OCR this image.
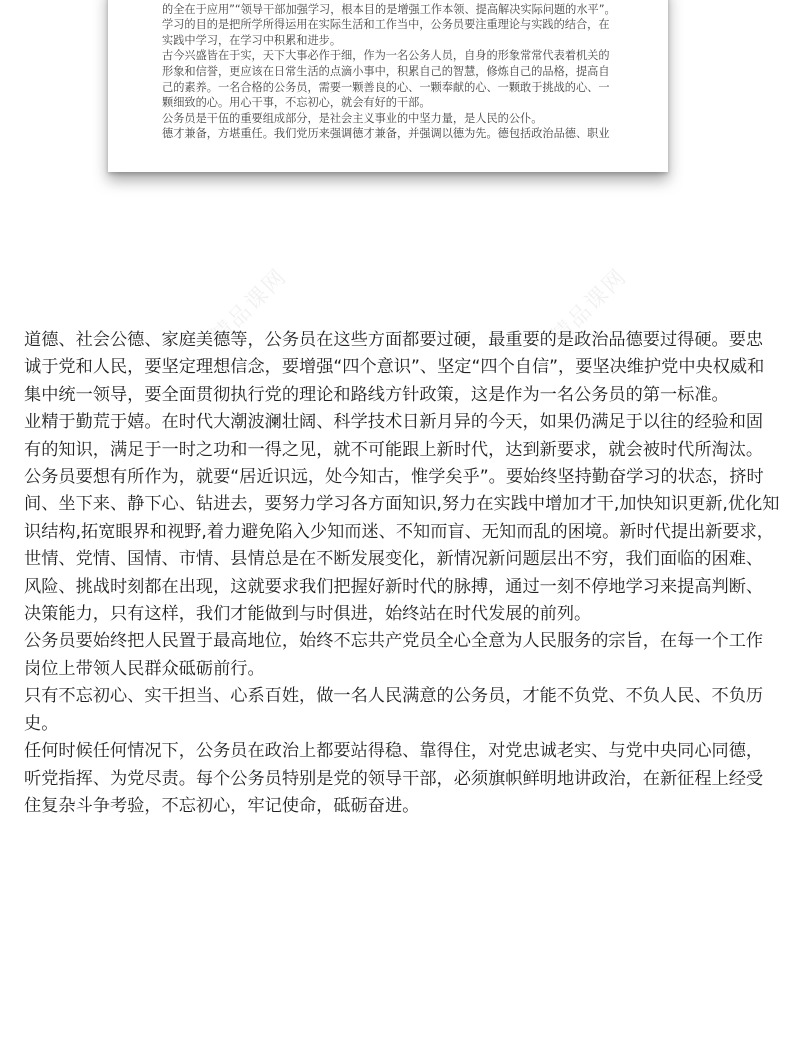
的全在于应用”“领导干部加强学习，根本目的是增强工作本领、提高解决实际问题的水平”。

学习的目的是把所学所得运用在实际生活和工作当中，公务员要注重理论与实践的结合，在

实践中学习，在学习中积累和进步。

古今兴盛皆在于实，天下大事必作于细，作为一名公务人员，自身的形象常常代表着机关的

形象和信誉，更应该在日常生活的点滴小事中，积累自己的智慧，修炼自己的品格，提高自

己的素养。一名合格的公务员，需要一颗善良的心、一颗奉献的心、一颗敢于挑战的心、一

颗细致的心。用心干事，不忘初心，就会有好的干部。

公务员是干伍的重要组成部分，是社会主义事业的中坚力量，是人民的公仆。

德才兼备，方堪重任。我们党历来强调德才兼备，并强调以德为先。德包括政治品德、职业

精品课网	精品课网

道德、社会公德、家庭美德等，公务员在这些方面都要过硬，最重要的是政治品德要过得硬。要忠诚于党和人民，要坚定理想信念，要增强“四个意识”、坚定“四个自信”，要坚决维护党中央权威和集中统一领导，要全面贯彻执行党的理论和路线方针政策，这是作为一名公务员的第一标准。

业精于勤荒于嬉。在时代大潮波澜壮阔、科学技术日新月异的今天，如果仍满足于以往的经验和固有的知识，满足于一时之功和一得之见，就不可能跟上新时代，达到新要求，就会被时代所淘汰。公务员要想有所作为，就要“居近识远，处今知古，惟学矣乎”。要始终坚持勤奋学习的状态，挤时间、坐下来、静下心、钻进去，要努力学习各方面知识,努力在实践中增加才干,加快知识更新,优化知识结构,拓宽眼界和视野,着力避免陷入少知而迷、不知而盲、无知而乱的困境。新时代提出新要求，世情、党情、国情、市情、县情总是在不断发展变化，新情况新问题层出不穷，我们面临的困难、风险、挑战时刻都在出现，这就要求我们把握好新时代的脉搏，通过一刻不停地学习来提高判断、决策能力，只有这样，我们才能做到与时俱进，始终站在时代发展的前列。

公务员要始终把人民置于最高地位，始终不忘共产党员全心全意为人民服务的宗旨，在每一个工作岗位上带领人民群众砥砺前行。

只有不忘初心、实干担当、心系百姓，做一名人民满意的公务员，才能不负党、不负人民、不负历史。

任何时候任何情况下，公务员在政治上都要站得稳、靠得住，对党忠诚老实、与党中央同心同德，听党指挥、为党尽责。每个公务员特别是党的领导干部，必须旗帜鲜明地讲政治，在新征程上经受住复杂斗争考验，不忘初心，牢记使命，砥砺奋进。
